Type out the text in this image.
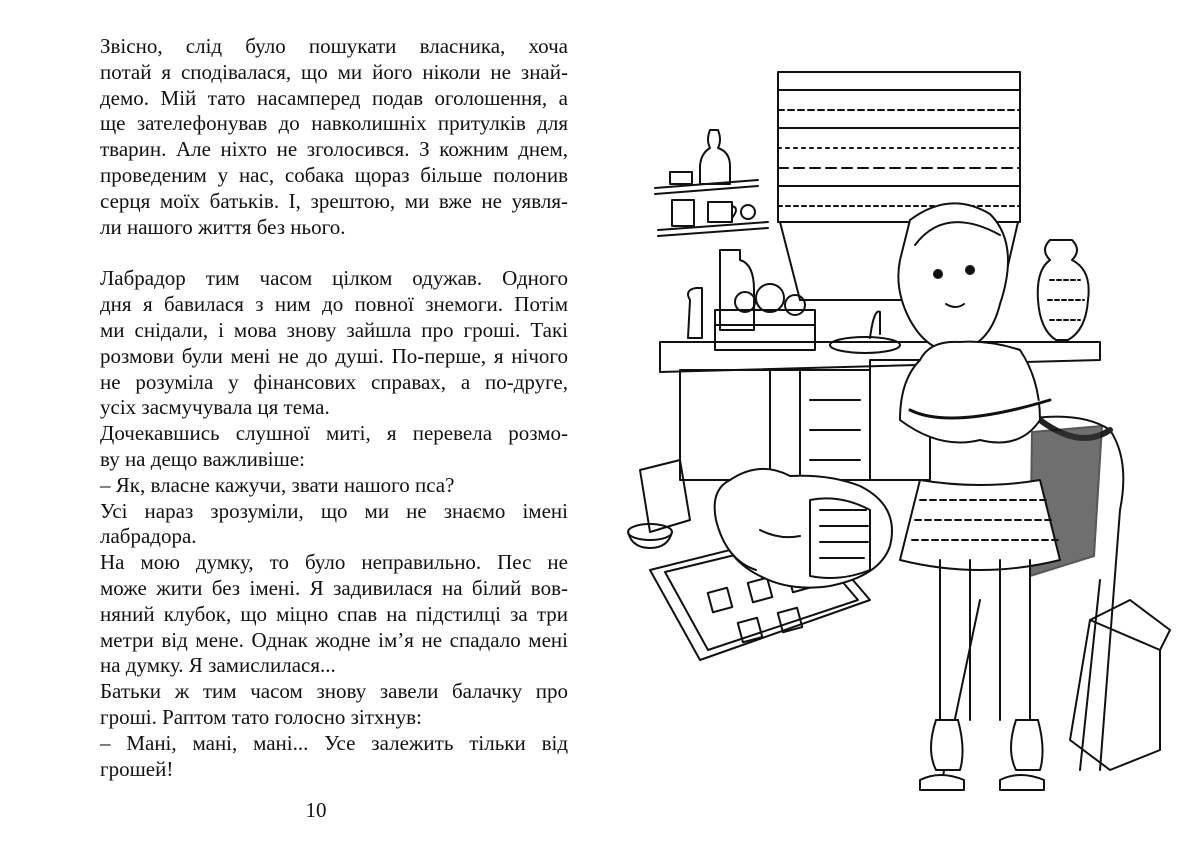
Звісно, слід було пошукати власника, хоча
потай я сподівалася, що ми його ніколи не знай-
демо. Мій тато насамперед подав оголошення, а
ще зателефонував до навколишніх притулків для
тварин. Але ніхто не зголосився. З кожним днем,
проведеним у нас, собака щораз більше полонив
серця моїх батьків. І, зрештою, ми вже не уявля-
ли нашого життя без нього.
Лабрадор тим часом цілком одужав. Одного
дня я бавилася з ним до повної знемоги. Потім
ми снідали, і мова знову зайшла про гроші. Такі
розмови були мені не до душі. По-перше, я нічого
не розуміла у фінансових справах, а по-друге,
усіх засмучувала ця тема.
Дочекавшись слушної миті, я перевела розмо-
ву на дещо важливіше:
– Як, власне кажучи, звати нашого пса?
Усі нараз зрозуміли, що ми не знаємо імені
лабрадора.
На мою думку, то було неправильно. Пес не
може жити без імені. Я задивилася на білий вов-
няний клубок, що міцно спав на підстилці за три
метри від мене. Однак жодне ім’я не спадало мені
на думку. Я замислилася...
Батьки ж тим часом знову завели балачку про
гроші. Раптом тато голосно зітхнув:
– Мані, мані, мані... Усе залежить тільки від
грошей!
10
